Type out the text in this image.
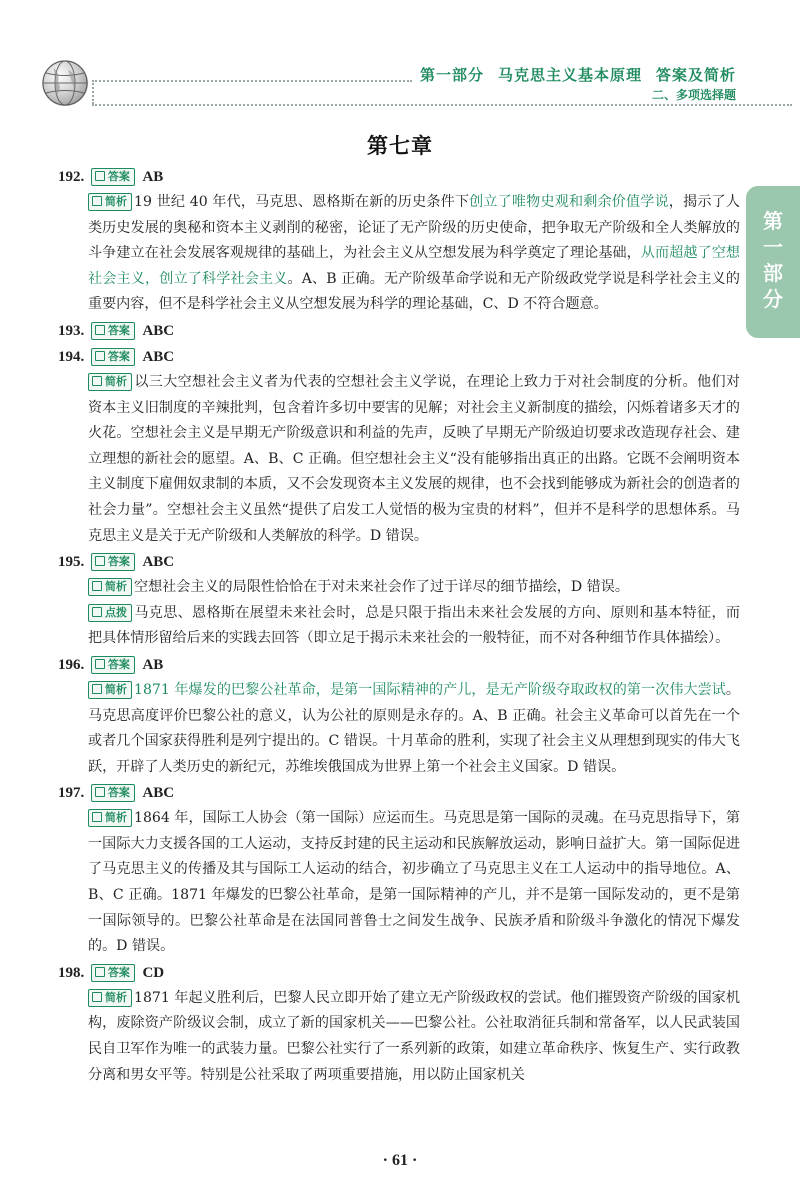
第一部分 马克思主义基本原理 答案及简析
二、多项选择题
第
一
部
分
第七章
192. 答案 AB
简析 19 世纪 40 年代，马克思、恩格斯在新的历史条件下创立了唯物史观和剩余价值学说，揭示了人类历史发展的奥秘和资本主义剥削的秘密，论证了无产阶级的历史使命，把争取无产阶级和全人类解放的斗争建立在社会发展客观规律的基础上，为社会主义从空想发展为科学奠定了理论基础，从而超越了空想社会主义，创立了科学社会主义。A、B 正确。无产阶级革命学说和无产阶级政党学说是科学社会主义的重要内容，但不是科学社会主义从空想发展为科学的理论基础，C、D 不符合题意。
193. 答案 ABC
194. 答案 ABC
简析 以三大空想社会主义者为代表的空想社会主义学说，在理论上致力于对社会制度的分析。他们对资本主义旧制度的辛辣批判，包含着许多切中要害的见解；对社会主义新制度的描绘，闪烁着诸多天才的火花。空想社会主义是早期无产阶级意识和利益的先声，反映了早期无产阶级迫切要求改造现存社会、建立理想的新社会的愿望。A、B、C 正确。但空想社会主义“没有能够指出真正的出路。它既不会阐明资本主义制度下雇佣奴隶制的本质，又不会发现资本主义发展的规律，也不会找到能够成为新社会的创造者的社会力量”。空想社会主义虽然“提供了启发工人觉悟的极为宝贵的材料”，但并不是科学的思想体系。马克思主义是关于无产阶级和人类解放的科学。D 错误。
195. 答案 ABC
简析 空想社会主义的局限性恰恰在于对未来社会作了过于详尽的细节描绘，D 错误。
点拨 马克思、恩格斯在展望未来社会时，总是只限于指出未来社会发展的方向、原则和基本特征，而把具体情形留给后来的实践去回答（即立足于揭示未来社会的一般特征，而不对各种细节作具体描绘）。
196. 答案 AB
简析 1871 年爆发的巴黎公社革命，是第一国际精神的产儿，是无产阶级夺取政权的第一次伟大尝试。马克思高度评价巴黎公社的意义，认为公社的原则是永存的。A、B 正确。社会主义革命可以首先在一个或者几个国家获得胜利是列宁提出的。C 错误。十月革命的胜利，实现了社会主义从理想到现实的伟大飞跃，开辟了人类历史的新纪元，苏维埃俄国成为世界上第一个社会主义国家。D 错误。
197. 答案 ABC
简析 1864 年，国际工人协会（第一国际）应运而生。马克思是第一国际的灵魂。在马克思指导下，第一国际大力支援各国的工人运动，支持反封建的民主运动和民族解放运动，影响日益扩大。第一国际促进了马克思主义的传播及其与国际工人运动的结合，初步确立了马克思主义在工人运动中的指导地位。A、B、C 正确。1871 年爆发的巴黎公社革命，是第一国际精神的产儿，并不是第一国际发动的，更不是第一国际领导的。巴黎公社革命是在法国同普鲁士之间发生战争、民族矛盾和阶级斗争激化的情况下爆发的。D 错误。
198. 答案 CD
简析 1871 年起义胜利后，巴黎人民立即开始了建立无产阶级政权的尝试。他们摧毁资产阶级的国家机构，废除资产阶级议会制，成立了新的国家机关——巴黎公社。公社取消征兵制和常备军，以人民武装国民自卫军作为唯一的武装力量。巴黎公社实行了一系列新的政策，如建立革命秩序、恢复生产、实行政教分离和男女平等。特别是公社采取了两项重要措施，用以防止国家机关
· 61 ·
